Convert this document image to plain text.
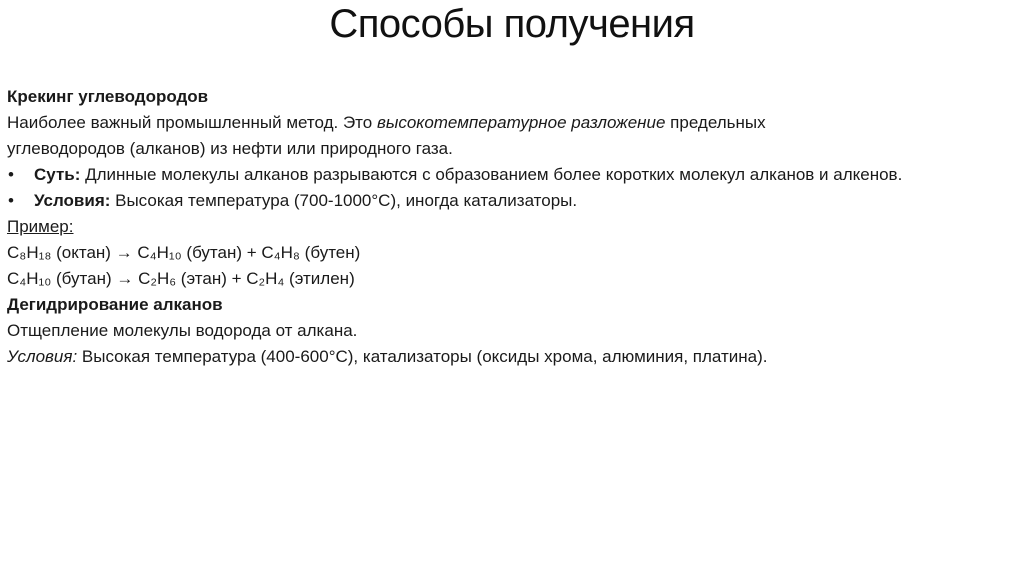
Способы получения
Крекинг углеводородов
Наиболее важный промышленный метод. Это высокотемпературное разложение предельных
углеводородов (алканов) из нефти или природного газа.
•	Суть: Длинные молекулы алканов разрываются с образованием более коротких молекул алканов и алкенов.
•	Условия: Высокая температура (700-1000°C), иногда катализаторы.
Пример:
C₈H₁₈ (октан) → C₄H₁₀ (бутан) + C₄H₈ (бутен)
C₄H₁₀ (бутан) → C₂H₆ (этан) + C₂H₄ (этилен)
Дегидрирование алканов
Отщепление молекулы водорода от алкана.
Условия: Высокая температура (400-600°C), катализаторы (оксиды хрома, алюминия, платина).
